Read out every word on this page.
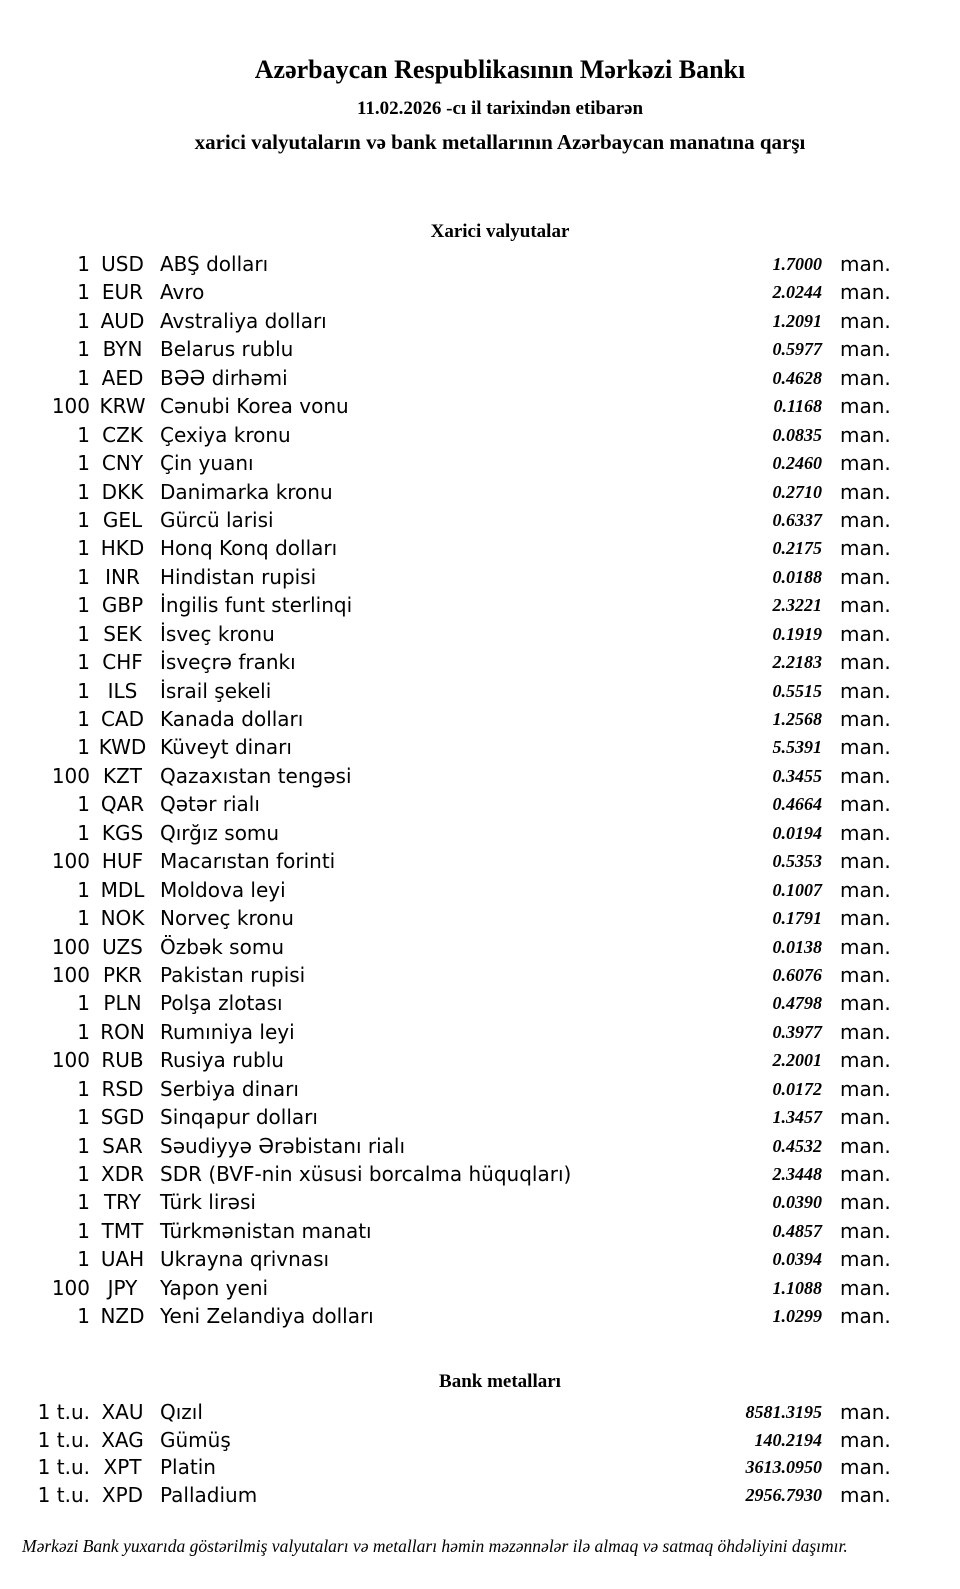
Azərbaycan Respublikasının Mərkəzi Bankı
11.02.2026 -cı il tarixindən etibarən
xarici valyutaların və bank metallarının Azərbaycan manatına qarşı
Xarici valyutalar
1 USD ABŞ dolları	1.7000 man.
1 EUR Avro	2.0244 man.
1 AUD Avstraliya dolları	1.2091 man.
1 BYN Belarus rublu	0.5977 man.
1 AED BƏƏ dirhəmi	0.4628 man.
100 KRW Cənubi Korea vonu	0.1168 man.
1 CZK Çexiya kronu	0.0835 man.
1 CNY Çin yuanı	0.2460 man.
1 DKK Danimarka kronu	0.2710 man.
1 GEL Gürcü larisi	0.6337 man.
1 HKD Honq Konq dolları	0.2175 man.
1 INR	Hindistan rupisi	0.0188 man.
1 GBP İngilis funt sterlinqi	2.3221 man.
1 SEK İsveç kronu	0.1919 man.
1 CHF İsveçrə frankı	2.2183 man.
1 ILS	İsrail şekeli	0.5515 man.
1 CAD Kanada dolları	1.2568 man.
1 KWD Küveyt dinarı	5.5391 man.
100 KZT Qazaxıstan tengəsi	0.3455 man.
1 QAR Qətər rialı	0.4664 man.
1 KGS Qırğız somu	0.0194 man.
100 HUF Macarıstan forinti	0.5353 man.
1 MDL Moldova leyi	0.1007 man.
1 NOK Norveç kronu	0.1791 man.
100 UZS Özbək somu	0.0138 man.
100 PKR Pakistan rupisi	0.6076 man.
1 PLN Polşa zlotası	0.4798 man.
1 RON Rumıniya leyi	0.3977 man.
100 RUB Rusiya rublu	2.2001 man.
1 RSD Serbiya dinarı	0.0172 man.
1 SGD Sinqapur dolları	1.3457 man.
1 SAR Səudiyyə Ərəbistanı rialı	0.4532 man.
1 XDR SDR (BVF-nin xüsusi borcalma hüquqları)	2.3448 man.
1 TRY Türk lirəsi	0.0390 man.
1 TMT Türkmənistan manatı	0.4857 man.
1 UAH Ukrayna qrivnası	0.0394 man.
100 JPY	Yapon yeni	1.1088 man.
1 NZD Yeni Zelandiya dolları	1.0299 man.
Bank metalları
1 t.u. XAU Qızıl	8581.3195 man.
1 t.u. XAG Gümüş	140.2194 man.
1 t.u. XPT Platin	3613.0950 man.
1 t.u. XPD Palladium	2956.7930 man.
Mərkəzi Bank yuxarıda göstərilmiş valyutaları və metalları həmin məzənnələr ilə almaq və satmaq öhdəliyini daşımır.
